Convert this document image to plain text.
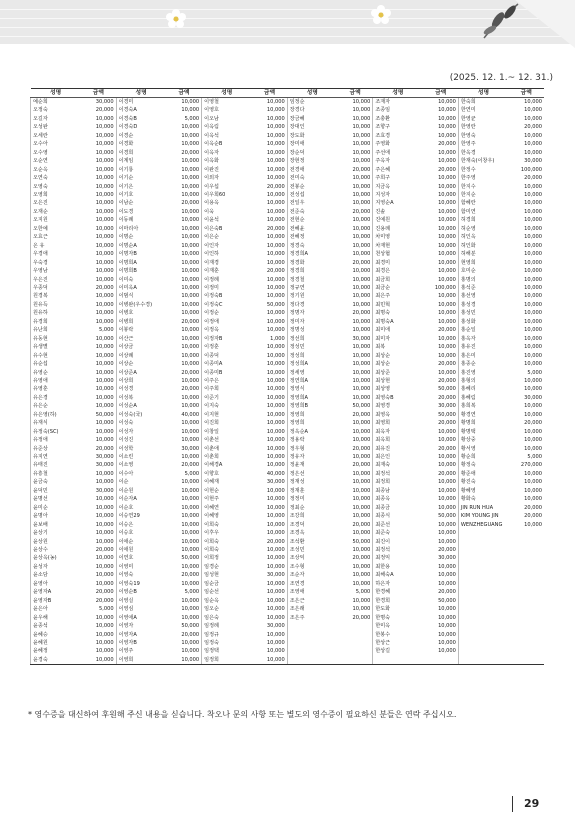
(2025. 12. 1.~ 12. 31.)
성명	금액	성명	금액	성명	금액	성명	금액	성명	금액	성명	금액
예순희	30,000	이경미	10,000	이영철	10,000	임정순	10,000	조재자	10,000	한숙희	10,000
오정숙	20,000	이경숙A	10,000	이영호	10,000	장경다	10,000	조종임	10,000	한연미	10,000
오길자	10,000	이경숙B	5,000	이오남	10,000	장금혜	10,000	조충환	10,000	한영균	10,000
오성완	10,000	이경숙D	10,000	이옥림	10,000	장대인	10,000	조향구	10,000	한영란	20,000
오세란	10,000	이경순	10,000	이옥석	10,000	장도화	10,000	조효경	10,000	한영숙	10,000
오수아	10,000	이경화	10,000	이옥순B	10,000	장미애	10,000	주영화	20,000	한영주	10,000
오수영	10,000	이경희	20,000	이옥자	10,000	장순덕	10,000	주선애	10,000	한옥경	10,000
오순연	10,000	이계임	10,000	이옥화	10,000	장현정	10,000	주옥자	10,000	한재숙(이창우)	30,000
오순옥	10,000	이기룡	10,000	이완진	10,000	전경애	20,000	주은혜	20,000	한정수	100,000
오연숙	10,000	이기순	10,000	이외자	10,000	전미숙	10,000	주희구	10,000	한주영	20,000
오영숙	10,000	이기은	10,000	이우섭	20,000	전봉순	10,000	지금옥	10,000	한지수	10,000
오영희	10,000	이기호	10,000	이우희60	10,000	전성섭	10,000	지성자	10,000	한지순	10,000
오은진	10,000	이남순	20,000	이용옥	10,000	전일우	10,000	지영순A	10,000	함혜란	10,000
오재순	10,000	이도경	10,000	이욱	10,000	전준숙	20,000	진솔	10,000	함미연	10,000
오지원	10,000	이동례	10,000	이윤석	10,000	전현순	10,000	진예원	10,000	허경희	10,000
오한예	10,000	이마리아	10,000	이은숙B	20,000	전혜윤	10,000	진용례	10,000	허순영	10,000
오효근	10,000	이명순	10,000	이은순	10,000	전혜정	10,000	차미영	10,000	허인옥	10,000
온 유	10,000	이명순A	10,000	이인자	10,000	정경숙	10,000	차재현	10,000	허인화	10,000
우경애	10,000	이명자B	10,000	이인하	10,000	정경희A	10,000	천상협	10,000	허해분	10,000
우숙경	10,000	이명희A	10,000	이재경	10,000	정경화	20,000	최경미	10,000	현영희	10,000
우영남	10,000	이명희B	10,000	이재훈	20,000	정경희	10,000	최경은	10,000	호미순	10,000
우은진	10,000	이미숙	10,000	이정례	10,000	정경철	10,000	최금희	10,000	홍명의	10,000
우종덕	20,000	이미옥A	10,000	이정미	10,000	정규연	10,000	최금순	100,000	홍석준	10,000
원경복	10,000	이범식	10,000	이정숙B	10,000	정기원	10,000	최은주	10,000	홍선영	10,000
원유득	10,000	이병완(우수경)	10,000	이정숙C	50,000	정다경	10,000	최민혁	10,000	홍성경	10,000
원유하	10,000	이병호	10,000	이정순	10,000	정명자	20,000	최명숙	10,000	홍성민	10,000
유경희	10,000	이병희	20,000	이정애	10,000	정미자	10,000	최명숙A	10,000	홍성화	10,000
유난희	5,000	이봉락	10,000	이정옥	10,000	정명성	10,000	최미애	20,000	홍순일	10,000
유동현	10,000	이산근	10,000	이정자B	1,000	정선희	30,000	최미자	10,000	홍옥자	10,000
유생별	10,000	이상금	10,000	이정훈	10,000	정성민	10,000	최복	10,000	홍유진	10,000
유수현	10,000	이상례	10,000	이종덕	10,000	정성희	10,000	최상순	10,000	홍은미	10,000
유순섭	10,000	이상순	10,000	이종미A	10,000	정성희A	10,000	최상순	20,000	홍종순	10,000
유영순	10,000	이상준A	20,000	이종미B	10,000	정세영	10,000	최상준	10,000	홍진영	5,000
유영애	10,000	이상희	10,000	이주은	10,000	정연희A	10,000	최상현	20,000	홍형의	10,000
유영훈	10,000	이성경	20,000	이주희	10,000	정영식	10,000	최상영	50,000	홍혜리	10,000
유은경	10,000	이성복	10,000	이준기	10,000	정영희A	10,000	최영숙B	20,000	홍혜림	30,000
유은순	10,000	이성순A	10,000	이지숙	10,000	정영희B	50,000	최영경	30,000	홍희복	10,000
유은영(하)	50,000	이성숙(국)	40,000	이지현	10,000	정영희	20,000	최영옥	50,000	황경연	10,000
유재식	10,000	이성숙	10,000	이진희	10,000	정영희	10,000	최영희	20,000	황명희	20,000
유정숙(SC)	10,000	이성자	10,000	이창일	10,000	정옥순A	10,000	최옥자	10,000	황명택	10,000
유정애	10,000	이성진	10,000	이춘선	10,000	정용락	10,000	최옥희	10,000	황상중	10,000
유준상	20,000	이성학	30,000	이춘애	10,000	정우형	20,000	최유진	20,000	황서영	10,000
유지연	30,000	이소린	10,000	이춘희	10,000	정유자	10,000	최은인	10,000	황순희	5,000
유태진	30,000	이소영	20,000	이해경A	10,000	정윤재	20,000	최재숙	10,000	황정숙	270,000
유흥철	10,000	이수아	5,000	이향호	40,000	정은선	10,000	최정석	20,000	황준애	10,000
윤금숙	10,000	이순	10,000	이혜재	30,000	정재성	10,000	최정희	10,000	황진숙	10,000
윤덕민	30,000	이순원	10,000	이현순	10,000	정재훈	10,000	최종남	10,000	황혜영	10,000
윤명선	10,000	이순자A	10,000	이현주	10,000	정정미	10,000	최종옥	10,000	황화숙	10,000
윤미순	10,000	이순호	10,000	이혜연	10,000	정최순	10,000	최종금	10,000	JIN RUN HUA	20,000
윤명아	10,000	이승연29	10,000	이혜영	10,000	조강희	10,000	최종식	50,000	KIM YOUNG JIN	20,000
윤보배	10,000	이승은	10,000	이희숙	10,000	조경덕	20,000	최준선	10,000	WENZHEGUANG	10,000
윤상기	10,000	이승호	10,000	이후우	10,000	조경옥	10,000	최준숙	10,000		
윤상원	10,000	이애순	10,000	이희숙	20,000	조석환	50,000	최진이	10,000		
윤상수	20,000	이애원	10,000	이희숙	10,000	조성민	10,000	최정석	20,000		
윤상옥(농)	10,000	이연호	50,000	이희정	10,000	조상익	20,000	최정익	30,000		
윤성자	10,000	이영미	10,000	임경순	10,000	조수형	10,000	최한용	10,000		
윤소담	10,000	이영숙	20,000	임성현	30,000	조순자	10,000	최해숙A	10,000		
윤영아	10,000	이영숙19	10,000	임순금	10,000	조연경	10,000	하은자	10,000		
윤영자A	20,000	이영순B	5,000	임순선	10,000	조영애	5,000	한경혜	20,000		
윤영자B	20,000	이영실	10,000	임순옥	10,000	조은근	10,000	한경희	50,000		
윤은아	5,000	이영심	10,000	임오순	10,000	조은래	10,000	한도화	10,000		
윤우해	10,000	이영애A	10,000	임은숙	10,000	조은주	20,000	한명숙	10,000		
윤종석	10,000	이영자	50,000	임정례	30,000			한미옥	10,000		
윤혜승	10,000	이영자A	20,000	임정규	10,000			한봉수	10,000		
윤혜원	10,000	이영자B	10,000	임정숙	10,000			한상근	10,000		
윤혜정	10,000	이영주	10,000	임정택	10,000			한상길	10,000		
윤경숙	10,000	이영희	10,000	임정희	10,000						
* 영수증을 대신하여 후원해 주신 내용을 싣습니다. 착오나 문의 사항 또는 별도의 영수증이 필요하신 분들은 연락 주십시오.
29
